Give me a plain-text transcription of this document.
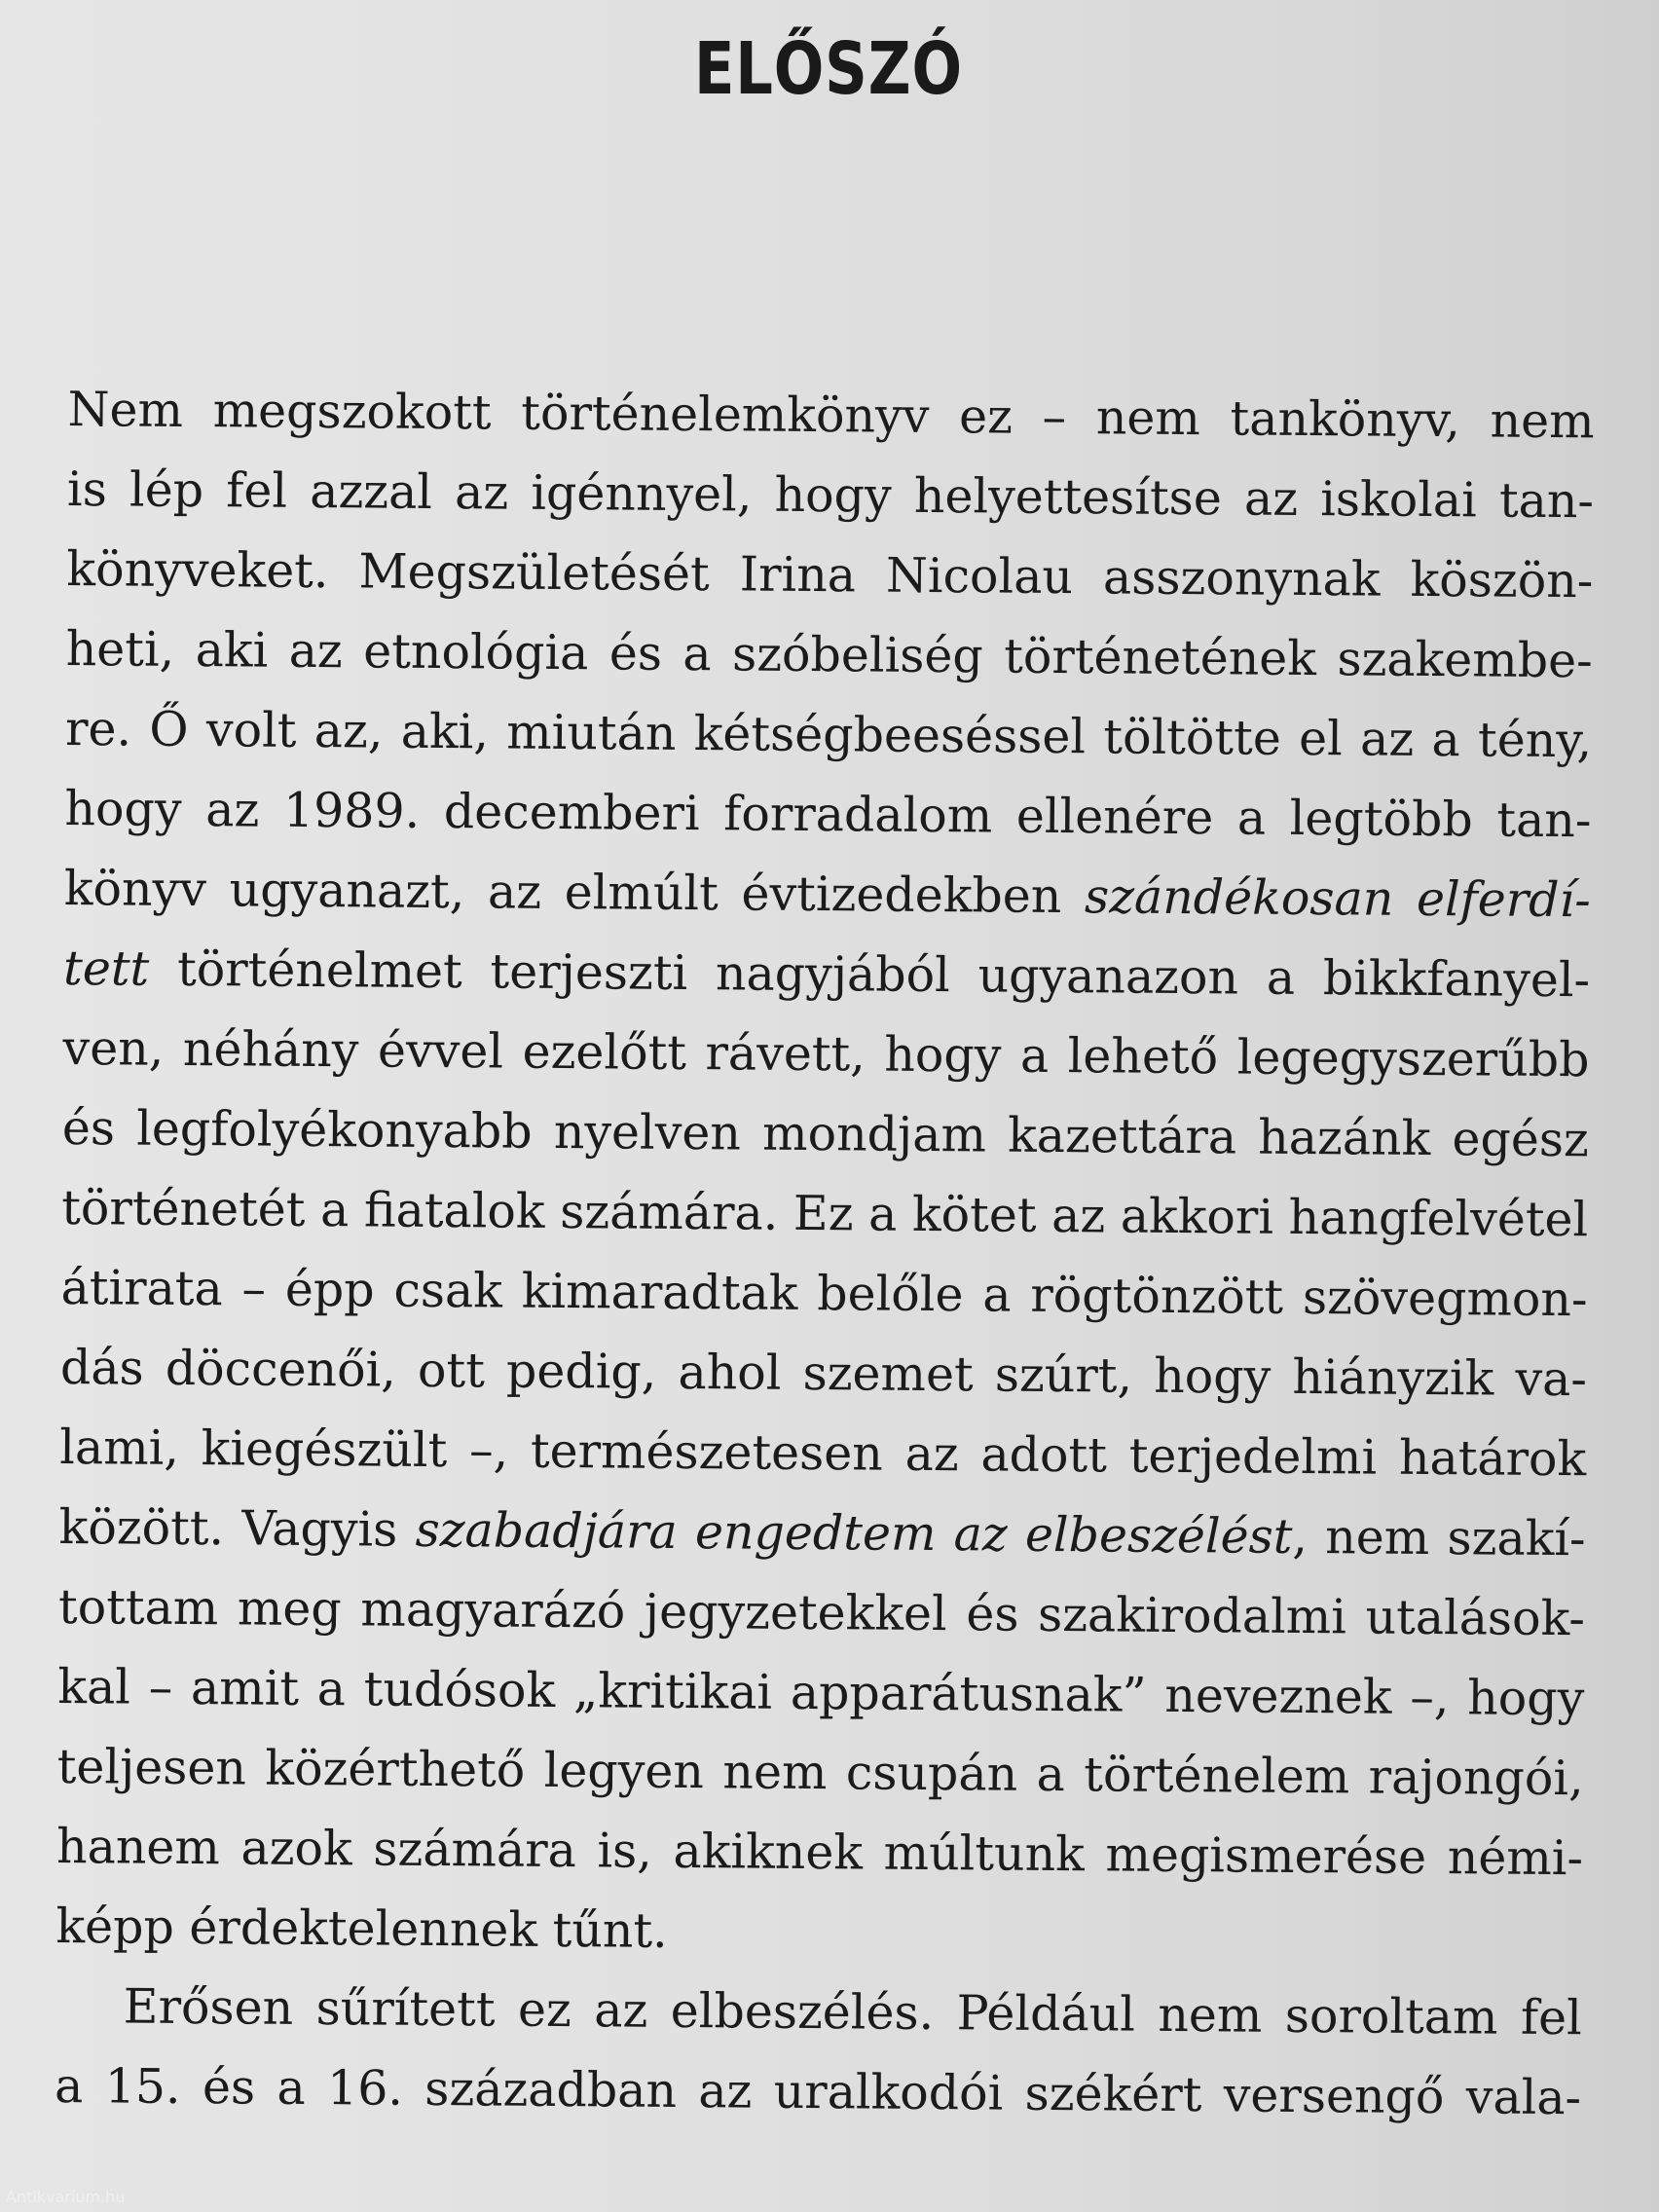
ELŐSZÓ
Nem megszokott történelemkönyv ez – nem tankönyv, nem
is lép fel azzal az igénnyel, hogy helyettesítse az iskolai tan-
könyveket. Megszületését Irina Nicolau asszonynak köszön-
heti, aki az etnológia és a szóbeliség történetének szakembe-
re. Ő volt az, aki, miután kétségbeeséssel töltötte el az a tény,
hogy az 1989. decemberi forradalom ellenére a legtöbb tan-
könyv ugyanazt, az elmúlt évtizedekben szándékosan elferdí-
tett történelmet terjeszti nagyjából ugyanazon a bikkfanyel-
ven, néhány évvel ezelőtt rávett, hogy a lehető legegyszerűbb
és legfolyékonyabb nyelven mondjam kazettára hazánk egész
történetét a fiatalok számára. Ez a kötet az akkori hangfelvétel
átirata – épp csak kimaradtak belőle a rögtönzött szövegmon-
dás döccenői, ott pedig, ahol szemet szúrt, hogy hiányzik va-
lami, kiegészült –, természetesen az adott terjedelmi határok
között. Vagyis szabadjára engedtem az elbeszélést, nem szakí-
tottam meg magyarázó jegyzetekkel és szakirodalmi utalások-
kal – amit a tudósok „kritikai apparátusnak” neveznek –, hogy
teljesen közérthető legyen nem csupán a történelem rajongói,
hanem azok számára is, akiknek múltunk megismerése némi-
képp érdektelennek tűnt.
Erősen sűrített ez az elbeszélés. Például nem soroltam fel
a 15. és a 16. században az uralkodói székért versengő vala-
Antikvarium.hu
